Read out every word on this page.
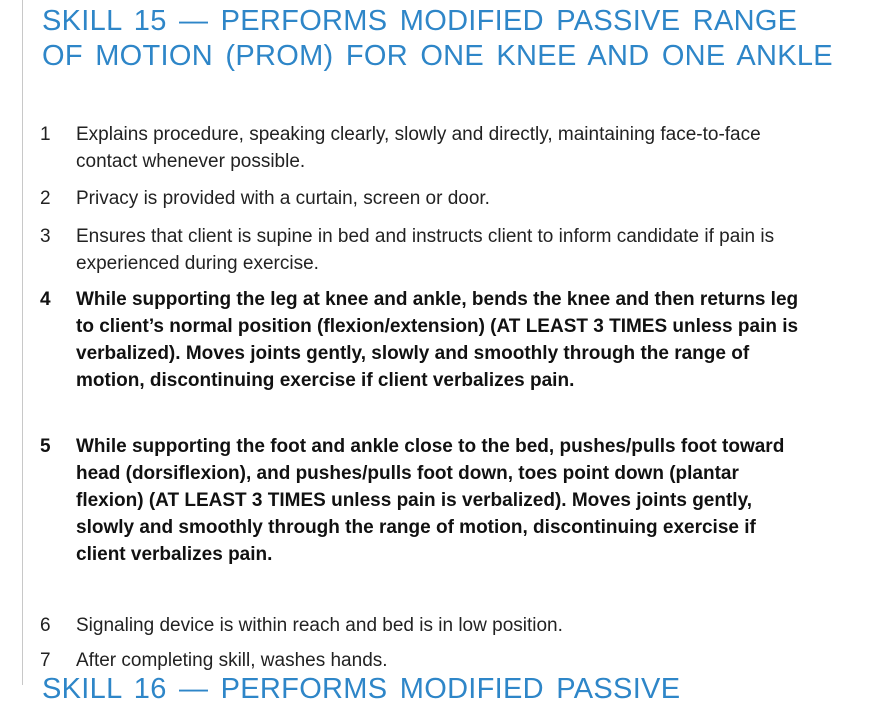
SKILL 15 — PERFORMS MODIFIED PASSIVE RANGE OF MOTION (PROM) FOR ONE KNEE AND ONE ANKLE
1	Explains procedure, speaking clearly, slowly and directly, maintaining face-to-face contact whenever possible.
2	Privacy is provided with a curtain, screen or door.
3	Ensures that client is supine in bed and instructs client to inform candidate if pain is experienced during exercise.
4	While supporting the leg at knee and ankle, bends the knee and then returns leg to client’s normal position (flexion/extension) (AT LEAST 3 TIMES unless pain is verbalized). Moves joints gently, slowly and smoothly through the range of motion, discontinuing exercise if client verbalizes pain.
5	While supporting the foot and ankle close to the bed, pushes/pulls foot toward head (dorsiflexion), and pushes/pulls foot down, toes point down (plantar flexion) (AT LEAST 3 TIMES unless pain is verbalized). Moves joints gently, slowly and smoothly through the range of motion, discontinuing exercise if client verbalizes pain.
6	Signaling device is within reach and bed is in low position.
7	After completing skill, washes hands.
SKILL 16 — PERFORMS MODIFIED PASSIVE
